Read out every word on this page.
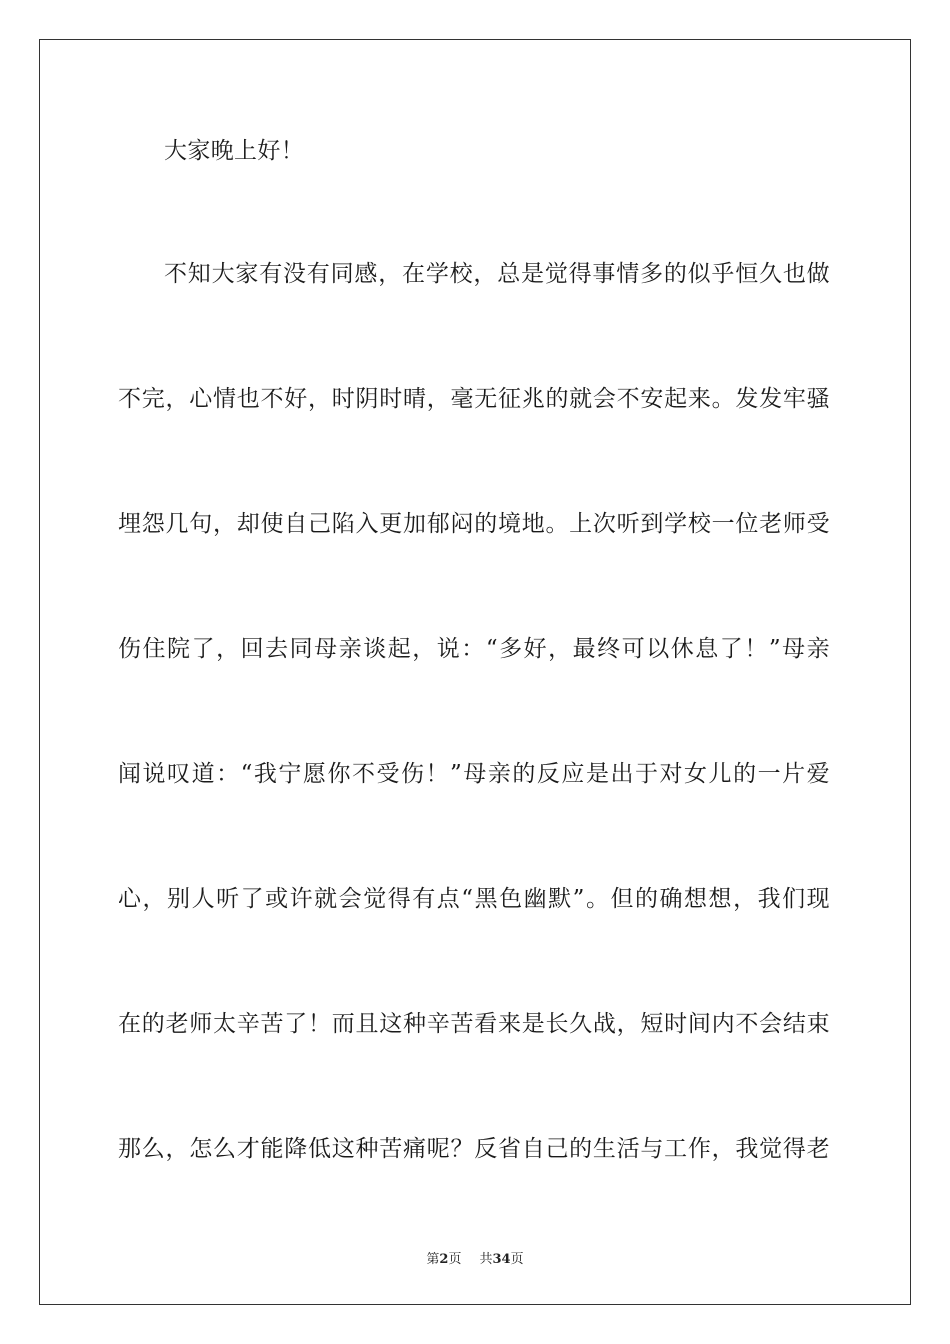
大家晚上好！
不知大家有没有同感，在学校，总是觉得事情多的似乎恒久也做
不完，心情也不好，时阴时晴，毫无征兆的就会不安起来。发发牢骚
埋怨几句，却使自己陷入更加郁闷的境地。上次听到学校一位老师受
伤住院了，回去同母亲谈起，说：“多好，最终可以休息了！”母亲
闻说叹道：“我宁愿你不受伤！”母亲的反应是出于对女儿的一片爱
心，别人听了或许就会觉得有点“黑色幽默”。但的确想想，我们现
在的老师太辛苦了！而且这种辛苦看来是长久战，短时间内不会结束
那么，怎么才能降低这种苦痛呢？反省自己的生活与工作，我觉得老
第2页 共34页
